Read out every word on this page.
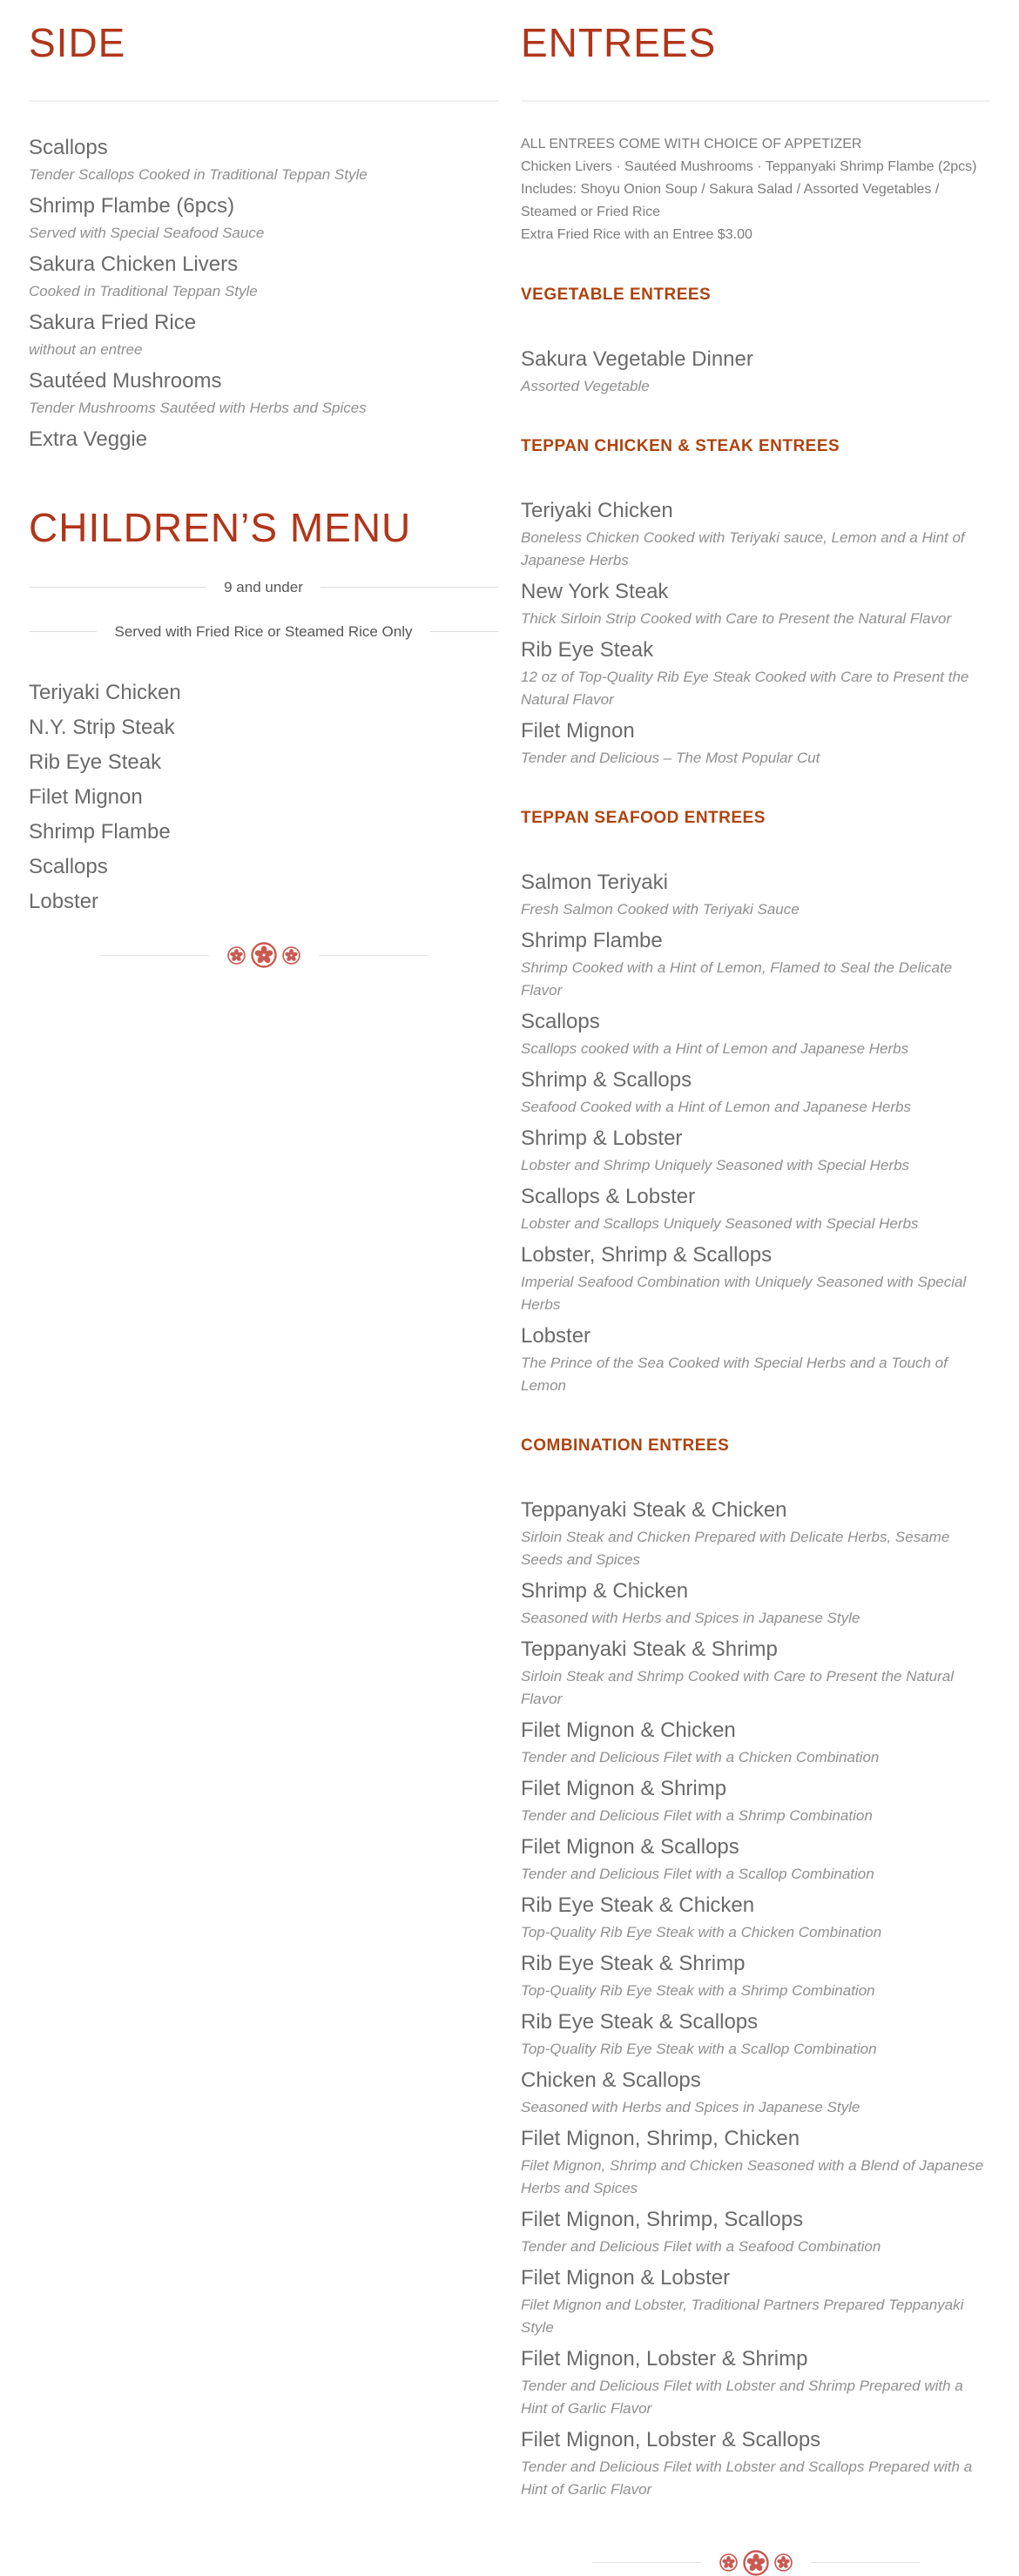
SIDE
Scallops
Tender Scallops Cooked in Traditional Teppan Style
Shrimp Flambe (6pcs)
Served with Special Seafood Sauce
Sakura Chicken Livers
Cooked in Traditional Teppan Style
Sakura Fried Rice
without an entree
Sautéed Mushrooms
Tender Mushrooms Sautéed with Herbs and Spices
Extra Veggie
CHILDREN’S MENU
9 and under
Served with Fried Rice or Steamed Rice Only
Teriyaki Chicken
N.Y. Strip Steak
Rib Eye Steak
Filet Mignon
Shrimp Flambe
Scallops
Lobster
ENTREES

ALL ENTREES COME WITH CHOICE OF APPETIZER

Chicken Livers · Sautéed Mushrooms · Teppanyaki Shrimp Flambe (2pcs)

Includes: Shoyu Onion Soup / Sakura Salad / Assorted Vegetables / Steamed or Fried Rice

Extra Fried Rice with an Entree $3.00

VEGETABLE ENTREES
Sakura Vegetable Dinner
Assorted Vegetable
TEPPAN CHICKEN & STEAK ENTREES
Teriyaki Chicken
Boneless Chicken Cooked with Teriyaki sauce, Lemon and a Hint of Japanese Herbs
New York Steak
Thick Sirloin Strip Cooked with Care to Present the Natural Flavor
Rib Eye Steak
12 oz of Top-Quality Rib Eye Steak Cooked with Care to Present the Natural Flavor
Filet Mignon
Tender and Delicious – The Most Popular Cut
TEPPAN SEAFOOD ENTREES
Salmon Teriyaki
Fresh Salmon Cooked with Teriyaki Sauce
Shrimp Flambe
Shrimp Cooked with a Hint of Lemon, Flamed to Seal the Delicate Flavor
Scallops
Scallops cooked with a Hint of Lemon and Japanese Herbs
Shrimp & Scallops
Seafood Cooked with a Hint of Lemon and Japanese Herbs
Shrimp & Lobster
Lobster and Shrimp Uniquely Seasoned with Special Herbs
Scallops & Lobster
Lobster and Scallops Uniquely Seasoned with Special Herbs
Lobster, Shrimp & Scallops
Imperial Seafood Combination with Uniquely Seasoned with Special Herbs
Lobster
The Prince of the Sea Cooked with Special Herbs and a Touch of Lemon
COMBINATION ENTREES
Teppanyaki Steak & Chicken
Sirloin Steak and Chicken Prepared with Delicate Herbs, Sesame Seeds and Spices
Shrimp & Chicken
Seasoned with Herbs and Spices in Japanese Style
Teppanyaki Steak & Shrimp
Sirloin Steak and Shrimp Cooked with Care to Present the Natural Flavor
Filet Mignon & Chicken
Tender and Delicious Filet with a Chicken Combination
Filet Mignon & Shrimp
Tender and Delicious Filet with a Shrimp Combination
Filet Mignon & Scallops
Tender and Delicious Filet with a Scallop Combination
Rib Eye Steak & Chicken
Top-Quality Rib Eye Steak with a Chicken Combination
Rib Eye Steak & Shrimp
Top-Quality Rib Eye Steak with a Shrimp Combination
Rib Eye Steak & Scallops
Top-Quality Rib Eye Steak with a Scallop Combination
Chicken & Scallops
Seasoned with Herbs and Spices in Japanese Style
Filet Mignon, Shrimp, Chicken
Filet Mignon, Shrimp and Chicken Seasoned with a Blend of Japanese Herbs and Spices
Filet Mignon, Shrimp, Scallops
Tender and Delicious Filet with a Seafood Combination
Filet Mignon & Lobster
Filet Mignon and Lobster, Traditional Partners Prepared Teppanyaki Style
Filet Mignon, Lobster & Shrimp
Tender and Delicious Filet with Lobster and Shrimp Prepared with a Hint of Garlic Flavor
Filet Mignon, Lobster & Scallops
Tender and Delicious Filet with Lobster and Scallops Prepared with a Hint of Garlic Flavor
